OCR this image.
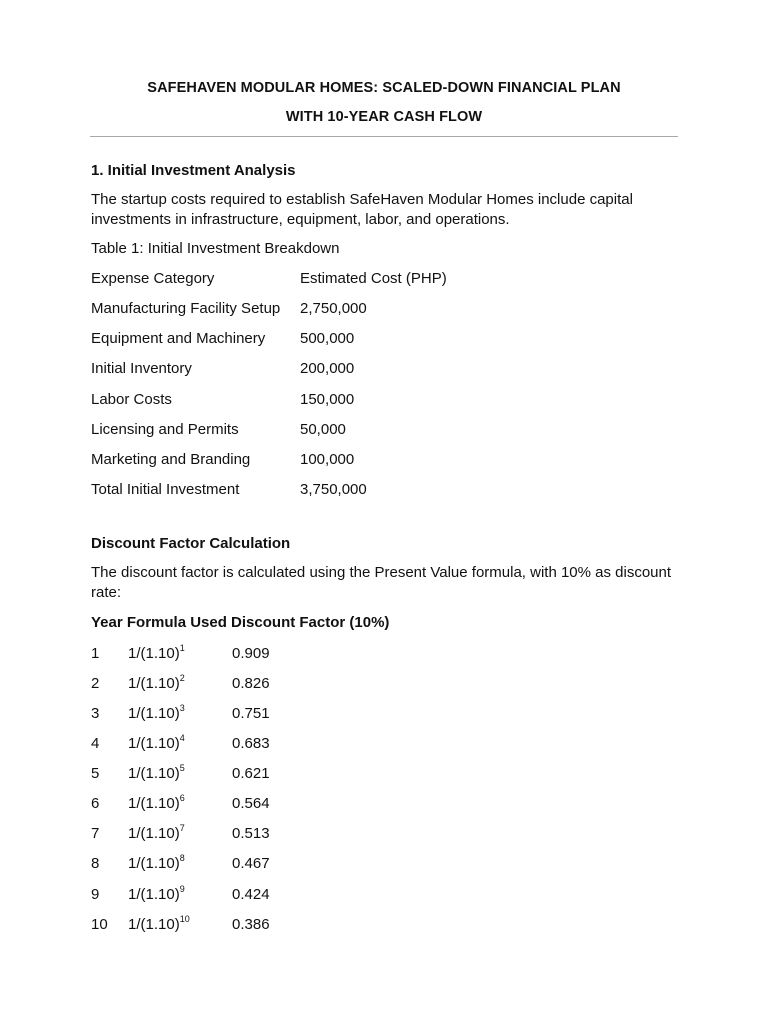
SAFEHAVEN MODULAR HOMES: SCALED-DOWN FINANCIAL PLAN
WITH 10-YEAR CASH FLOW
1. Initial Investment Analysis
The startup costs required to establish SafeHaven Modular Homes include capital investments in infrastructure, equipment, labor, and operations.
Table 1: Initial Investment Breakdown
Expense Category	Estimated Cost (PHP)
Manufacturing Facility Setup 2,750,000
Equipment and Machinery 500,000
Initial Inventory	200,000
Labor Costs	150,000
Licensing and Permits	50,000
Marketing and Branding	100,000
Total Initial Investment	3,750,000
Discount Factor Calculation
The discount factor is calculated using the Present Value formula, with 10% as discount rate:
Year Formula Used Discount Factor (10%)
1 $1/(1.10)^1$	0.909
2 $1/(1.10)^2$	0.826
3 $1/(1.10)^3$	0.751
4 $1/(1.10)^4$	0.683
5 $1/(1.10)^5$	0.621
6 $1/(1.10)^6$	0.564
7 $1/(1.10)^7$	0.513
8 $1/(1.10)^8$	0.467
9 $1/(1.10)^9$	0.424
10 $1/(1.10)^{10}$	0.386
